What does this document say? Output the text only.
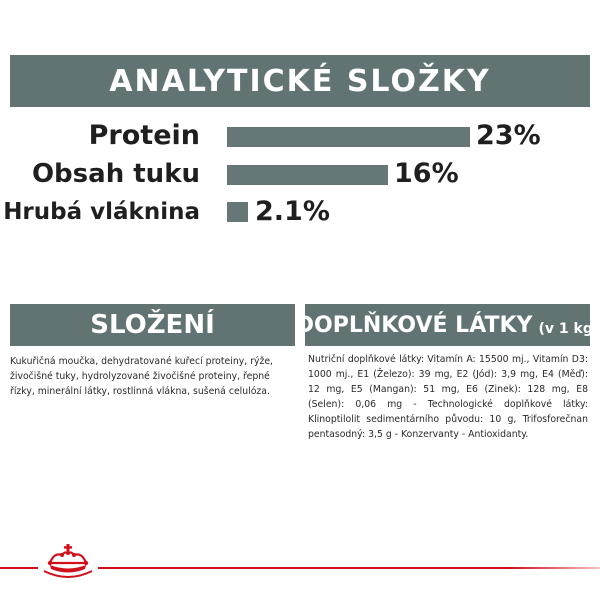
ANALYTICKÉ SLOŽKY
Protein	23%
Obsah tuku	16%
Hrubá vláknina 2.1%
SLOŽENÍ
Kukuřičná moučka, dehydratované kuřecí proteiny, rýže, živočišné tuky, hydrolyzované živočišné proteiny, řepné řízky, minerální látky, rostlinná vlákna, sušená celulóza.
DOPLŇKOVÉ LÁTKY (v 1 kg)
Nutriční doplňkové látky: Vitamín A: 15500 mj., Vitamín D3: 1000 mj., E1 (Železo): 39 mg, E2 (Jód): 3,9 mg, E4 (Měď): 12 mg, E5 (Mangan): 51 mg, E6 (Zinek): 128 mg, E8 (Selen): 0,06 mg - Technologické doplňkové látky: Klinoptilolit sedimentárního původu: 10 g, Trifosforečnan pentasodný: 3,5 g - Konzervanty - Antioxidanty.
